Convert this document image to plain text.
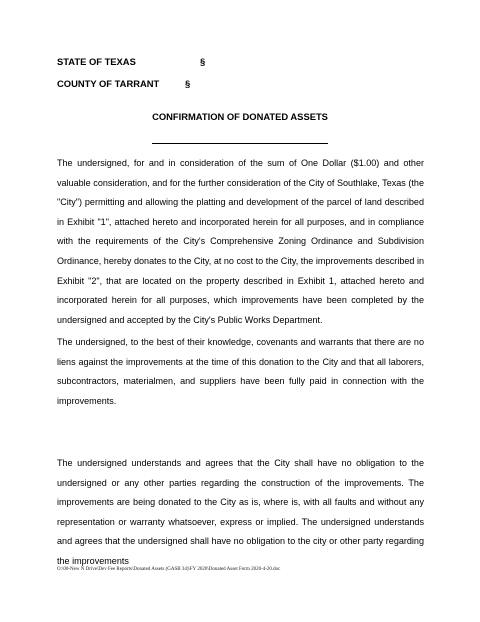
STATE OF TEXAS	§
COUNTY OF TARRANT	§
CONFIRMATION OF DONATED ASSETS

The undersigned, for and in consideration of the sum of One Dollar ($1.00) and other valuable consideration, and for the further consideration of the City of Southlake, Texas (the "City") permitting and allowing the platting and development of the parcel of land described in Exhibit "1", attached hereto and incorporated herein for all purposes, and in compliance with the requirements of the City's Comprehensive Zoning Ordinance and Subdivision Ordinance, hereby donates to the City, at no cost to the City, the improvements described in Exhibit "2", that are located on the property described in Exhibit 1, attached hereto and incorporated herein for all purposes, which improvements have been completed by the undersigned and accepted by the City's Public Works Department.

The undersigned, to the best of their knowledge, covenants and warrants that there are no liens against the improvements at the time of this donation to the City and that all laborers, subcontractors, materialmen, and suppliers have been fully paid in connection with the improvements.

The undersigned understands and agrees that the City shall have no obligation to the undersigned or any other parties regarding the construction of the improvements. The improvements are being donated to the City as is, where is, with all faults and without any representation or warranty whatsoever, express or implied. The undersigned understands and agrees that the undersigned shall have no obligation to the city or other party regarding the improvements

O:\00-New N Drive\Dev Fee Reports\Donated Assets (GASB 34)\FY 2020\Donated Asset Form 2020-4-20.doc
